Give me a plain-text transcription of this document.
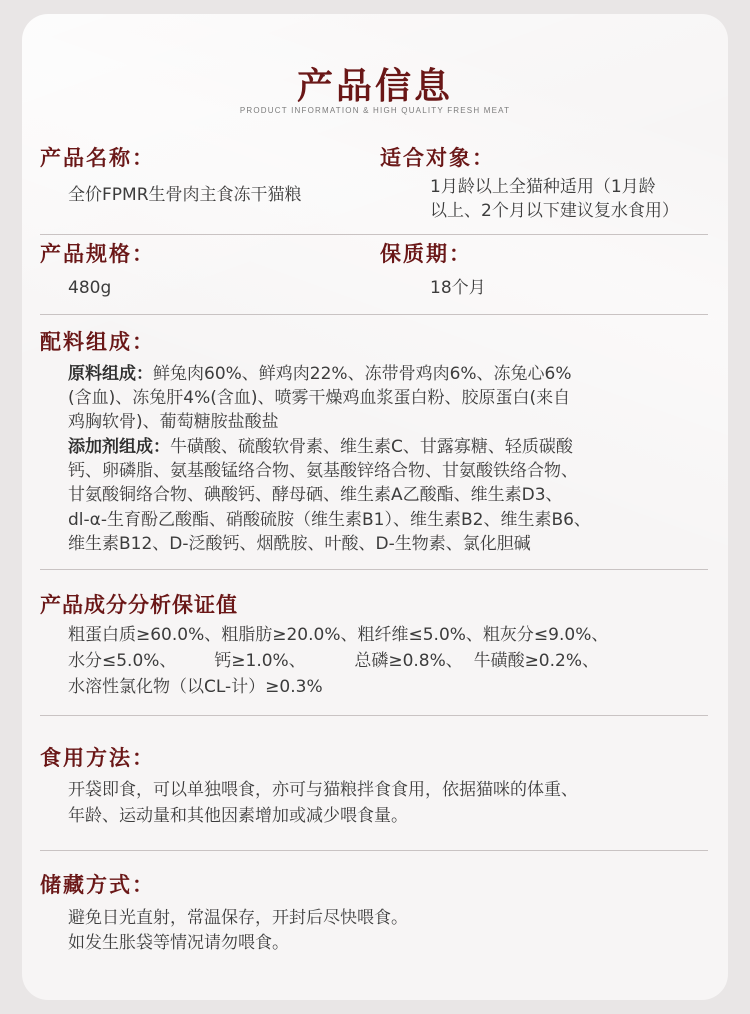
产品信息
PRODUCT INFORMATION & HIGH QUALITY FRESH MEAT
产品名称：
全价FPMR生骨肉主食冻干猫粮
适合对象：
1月龄以上全猫种适用（1月龄
以上、2个月以下建议复水食用）
产品规格：
480g
保质期：
18个月
配料组成：
原料组成：鲜兔肉60%、鲜鸡肉22%、冻带骨鸡肉6%、冻兔心6%
(含血)、冻兔肝4%(含血)、喷雾干燥鸡血浆蛋白粉、胶原蛋白(来自
鸡胸软骨)、葡萄糖胺盐酸盐
添加剂组成：牛磺酸、硫酸软骨素、维生素C、甘露寡糖、轻质碳酸
钙、卵磷脂、氨基酸锰络合物、氨基酸锌络合物、甘氨酸铁络合物、
甘氨酸铜络合物、碘酸钙、酵母硒、维生素A乙酸酯、维生素D3、
dl-α-生育酚乙酸酯、硝酸硫胺（维生素B1）、维生素B2、维生素B6、
维生素B12、D-泛酸钙、烟酰胺、叶酸、D-生物素、氯化胆碱
产品成分分析保证值
粗蛋白质≥60.0%、粗脂肪≥20.0%、粗纤维≤5.0%、粗灰分≤9.0%、
水分≤5.0%、       钙≥1.0%、         总磷≥0.8%、  牛磺酸≥0.2%、
水溶性氯化物（以CL-计）≥0.3%
食用方法：
开袋即食，可以单独喂食，亦可与猫粮拌食食用，依据猫咪的体重、
年龄、运动量和其他因素增加或减少喂食量。
储藏方式：
避免日光直射，常温保存，开封后尽快喂食。
如发生胀袋等情况请勿喂食。
